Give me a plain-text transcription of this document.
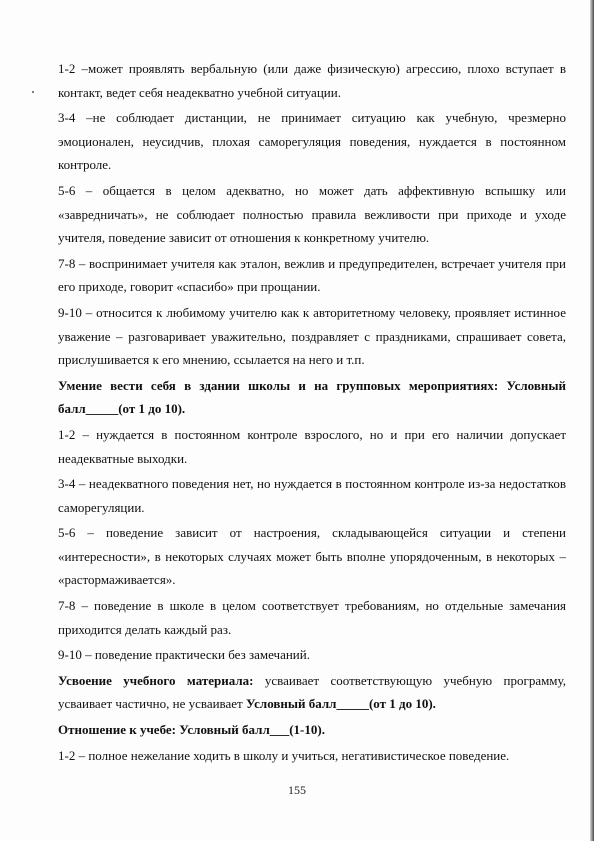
1-2 –может проявлять вербальную (или даже физическую) агрессию, плохо вступает в контакт, ведет себя неадекватно учебной ситуации.

3-4 –не соблюдает дистанции, не принимает ситуацию как учебную, чрезмерно эмоционален, неусидчив, плохая саморегуляция поведения, нуждается в постоянном контроле.

5-6 – общается в целом адекватно, но может дать аффективную вспышку или «завредничать», не соблюдает полностью правила вежливости при приходе и уходе учителя, поведение зависит от отношения к конкретному учителю.

7-8 – воспринимает учителя как эталон, вежлив и предупредителен, встречает учителя при его приходе, говорит «спасибо» при прощании.

9-10 – относится к любимому учителю как к авторитетному человеку, проявляет истинное уважение – разговаривает уважительно, поздравляет с праздниками, спрашивает совета, прислушивается к его мнению, ссылается на него и т.п.

Умение вести себя в здании школы и на групповых мероприятиях: Условный балл_____(от 1 до 10).

1-2 – нуждается в постоянном контроле взрослого, но и при его наличии допускает неадекватные выходки.

3-4 – неадекватного поведения нет, но нуждается в постоянном контроле из-за недостатков саморегуляции.

5-6 – поведение зависит от настроения, складывающейся ситуации и степени «интересности», в некоторых случаях может быть вполне упорядоченным, в некоторых – «растормаживается».

7-8 – поведение в школе в целом соответствует требованиям, но отдельные замечания приходится делать каждый раз.

9-10 – поведение практически без замечаний.

Усвоение учебного материала: усваивает соответствующую учебную программу, усваивает частично, не усваивает Условный балл_____(от 1 до 10).

Отношение к учебе: Условный балл___(1-10).

1-2 – полное нежелание ходить в школу и учиться, негативистическое поведение.

155
